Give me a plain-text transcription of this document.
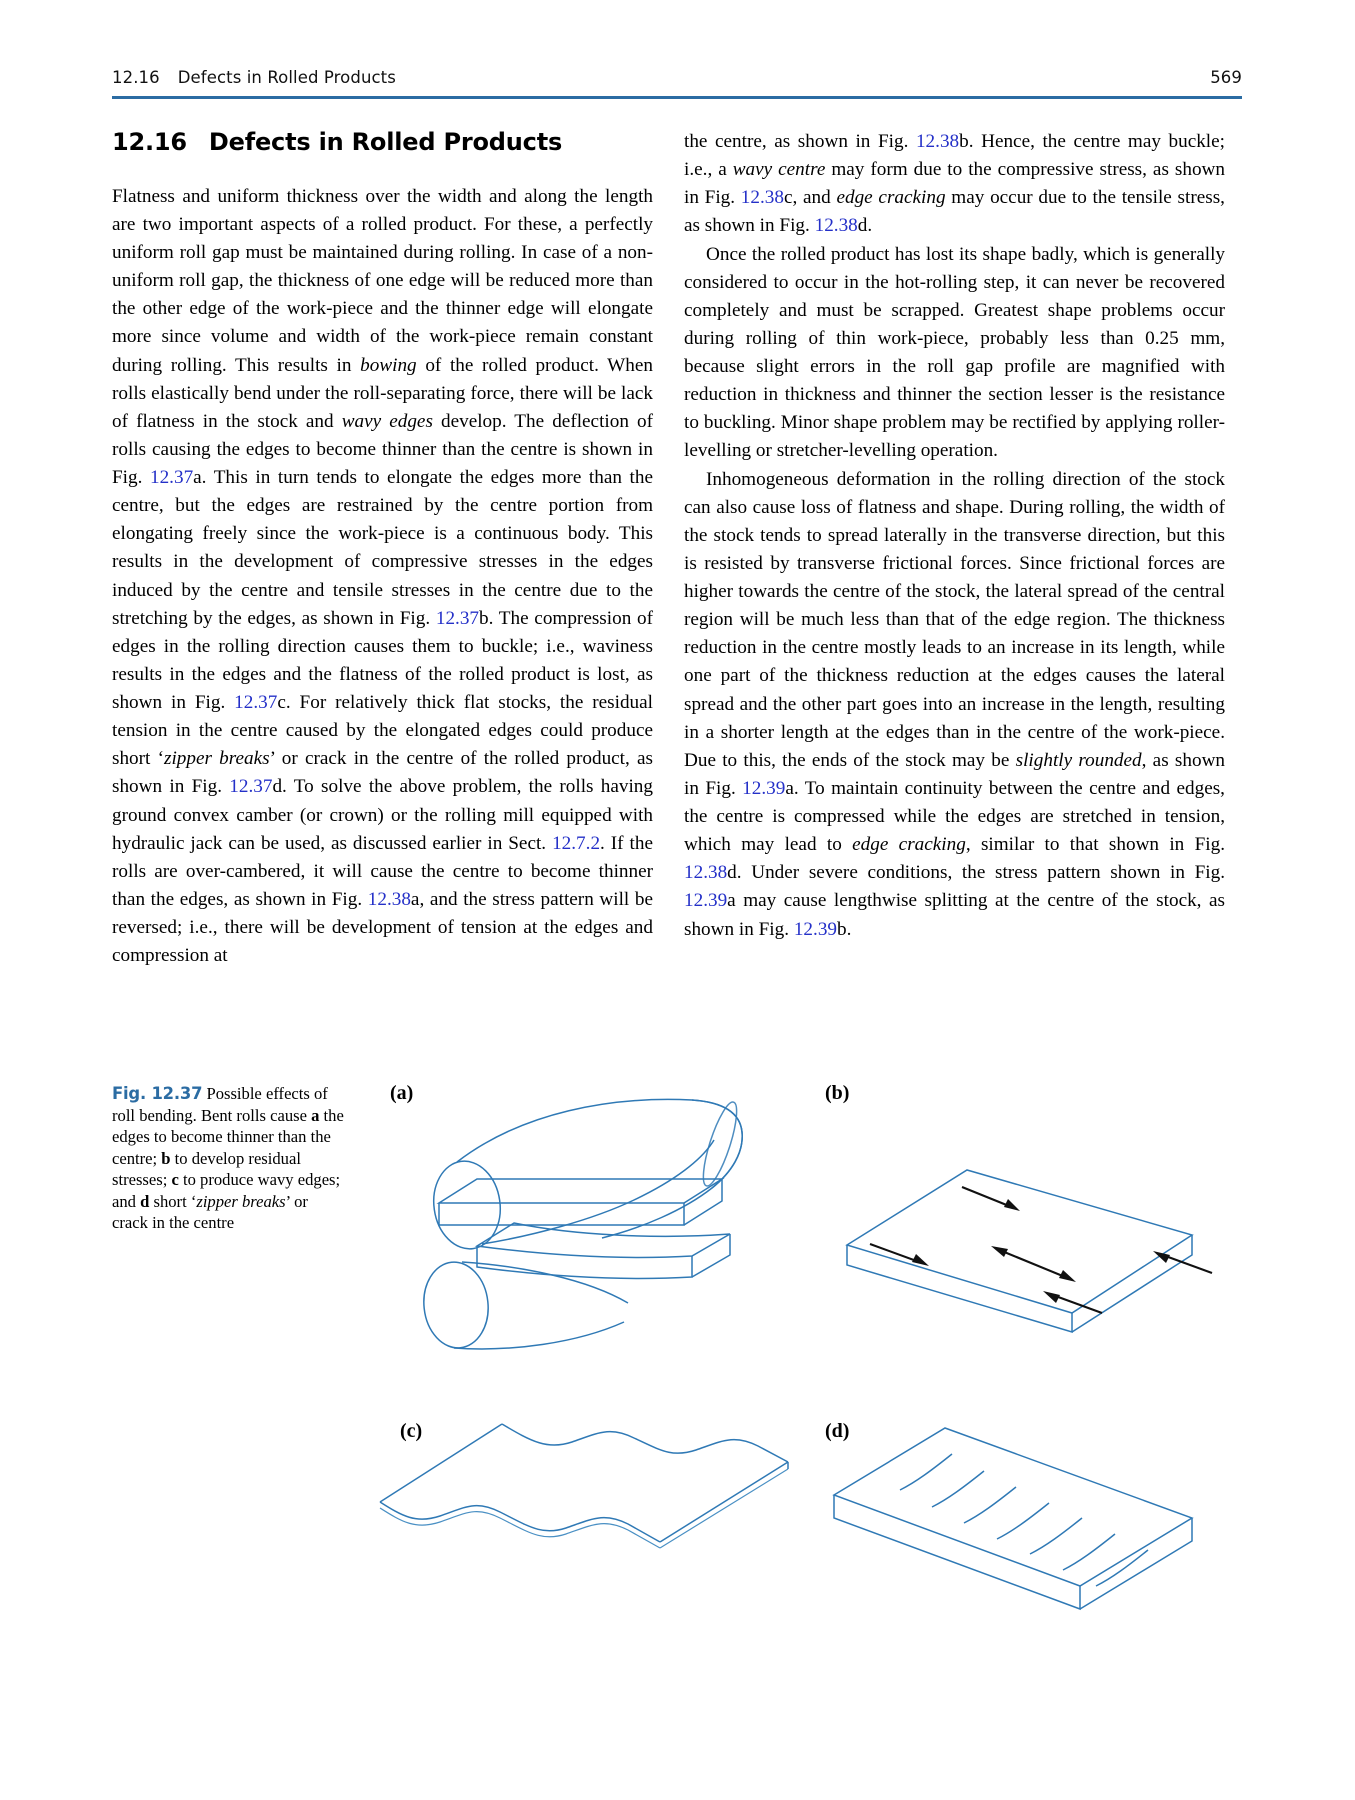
12.16 Defects in Rolled Products	569
12.16 Defects in Rolled Products

Flatness and uniform thickness over the width and along the length are two important aspects of a rolled product. For these, a perfectly uniform roll gap must be maintained during rolling. In case of a non-uniform roll gap, the thickness of one edge will be reduced more than the other edge of the work-piece and the thinner edge will elongate more since volume and width of the work-piece remain constant during rolling. This results in bowing of the rolled product. When rolls elastically bend under the roll-separating force, there will be lack of flatness in the stock and wavy edges develop. The deflection of rolls causing the edges to become thinner than the centre is shown in Fig. 12.37a. This in turn tends to elongate the edges more than the centre, but the edges are restrained by the centre portion from elongating freely since the work-piece is a continuous body. This results in the development of compressive stresses in the edges induced by the centre and tensile stresses in the centre due to the stretching by the edges, as shown in Fig. 12.37b. The compression of edges in the rolling direction causes them to buckle; i.e., waviness results in the edges and the flatness of the rolled product is lost, as shown in Fig. 12.37c. For relatively thick flat stocks, the residual tension in the centre caused by the elongated edges could produce short ‘zipper breaks’ or crack in the centre of the rolled product, as shown in Fig. 12.37d. To solve the above problem, the rolls having ground convex camber (or crown) or the rolling mill equipped with hydraulic jack can be used, as discussed earlier in Sect. 12.7.2. If the rolls are over-cambered, it will cause the centre to become thinner than the edges, as shown in Fig. 12.38a, and the stress pattern will be reversed; i.e., there will be development of tension at the edges and compression at

the centre, as shown in Fig. 12.38b. Hence, the centre may buckle; i.e., a wavy centre may form due to the compressive stress, as shown in Fig. 12.38c, and edge cracking may occur due to the tensile stress, as shown in Fig. 12.38d.

Once the rolled product has lost its shape badly, which is generally considered to occur in the hot-rolling step, it can never be recovered completely and must be scrapped. Greatest shape problems occur during rolling of thin work-piece, probably less than 0.25 mm, because slight errors in the roll gap profile are magnified with reduction in thickness and thinner the section lesser is the resistance to buckling. Minor shape problem may be rectified by applying roller-levelling or stretcher-levelling operation.

Inhomogeneous deformation in the rolling direction of the stock can also cause loss of flatness and shape. During rolling, the width of the stock tends to spread laterally in the transverse direction, but this is resisted by transverse frictional forces. Since frictional forces are higher towards the centre of the stock, the lateral spread of the central region will be much less than that of the edge region. The thickness reduction in the centre mostly leads to an increase in its length, while one part of the thickness reduction at the edges causes the lateral spread and the other part goes into an increase in the length, resulting in a shorter length at the edges than in the centre of the work-piece. Due to this, the ends of the stock may be slightly rounded, as shown in Fig. 12.39a. To maintain continuity between the centre and edges, the centre is compressed while the edges are stretched in tension, which may lead to edge cracking, similar to that shown in Fig. 12.38d. Under severe conditions, the stress pattern shown in Fig. 12.39a may cause lengthwise splitting at the centre of the stock, as shown in Fig. 12.39b.

Fig. 12.37 Possible effects of roll bending. Bent rolls cause a the edges to become thinner than the centre; b to develop residual stresses; c to produce wavy edges; and d short ‘zipper breaks’ or crack in the centre
(a)	(b)
(c)	(d)
